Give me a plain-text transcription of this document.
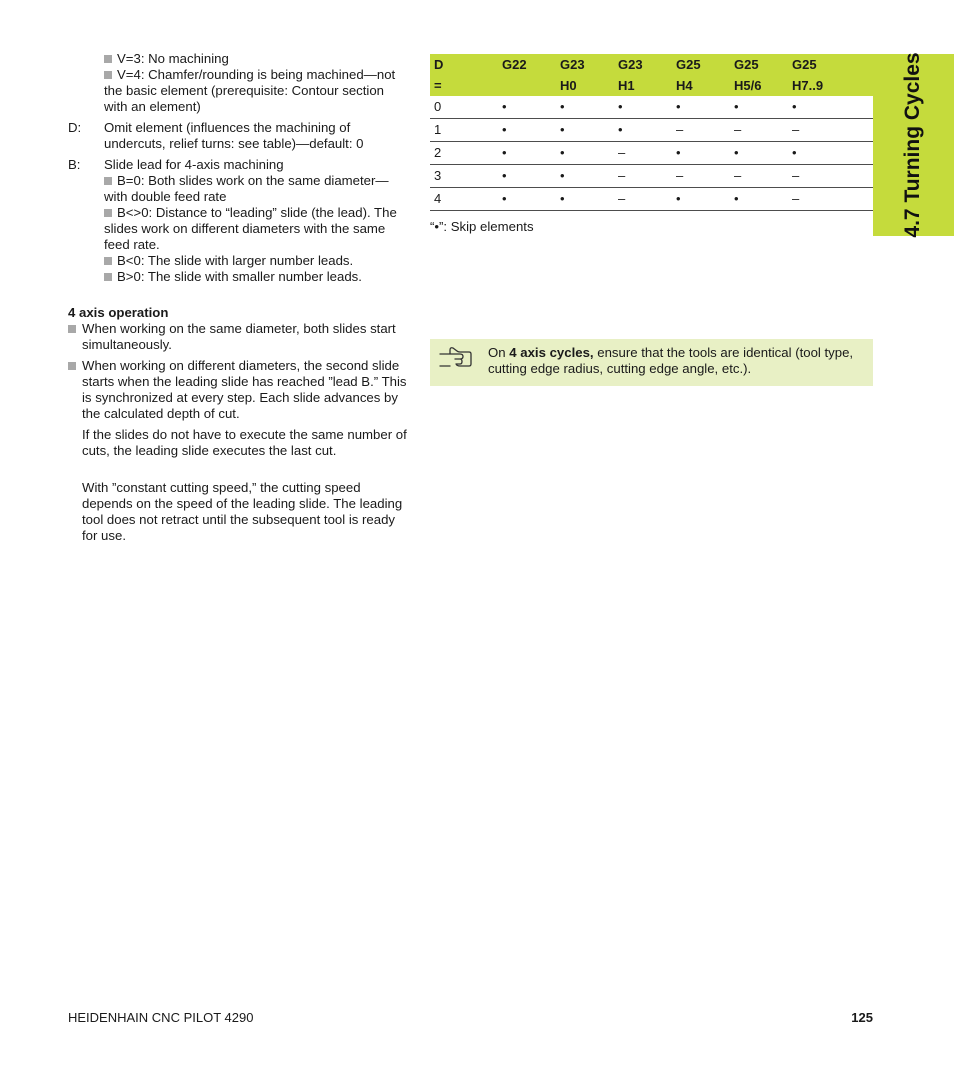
V=3: No machining
V=4: Chamfer/rounding is being machined—not the basic element (prerequisite: Contour section with an element)
D:	Omit element (influences the machining of undercuts, relief turns: see table)—default: 0
B:	Slide lead for 4-axis machining
B=0: Both slides work on the same diameter—with double feed rate
B<>0: Distance to “leading” slide (the lead). The slides work on different diameters with the same feed rate.
B<0: The slide with larger number leads.
B>0: The slide with smaller number leads.
4 axis operation
When working on the same diameter, both slides start simultaneously.
When working on different diameters, the second slide starts when the leading slide has reached ”lead B.” This is synchronized at every step. Each slide advances by the calculated depth of cut.
If the slides do not have to execute the same number of cuts, the leading slide executes the last cut.
With ”constant cutting speed,” the cutting speed depends on the speed of the leading slide. The leading tool does not retract until the subsequent tool is ready for use.
D	G22	G23	G23	G25	G25	G25
=		H0	H1	H4	H5/6	H7..9
0	•	•	•	•	•	•
1	•	•	•	–	–	–
2	•	•	–	•	•	•
3	•	•	–	–	–	–
4	•	•	–	•	•	–
“•”: Skip elements
On 4 axis cycles, ensure that the tools are identical (tool type, cutting edge radius, cutting edge angle, etc.).
4.7 Turning Cycles
HEIDENHAIN CNC PILOT 4290	125
